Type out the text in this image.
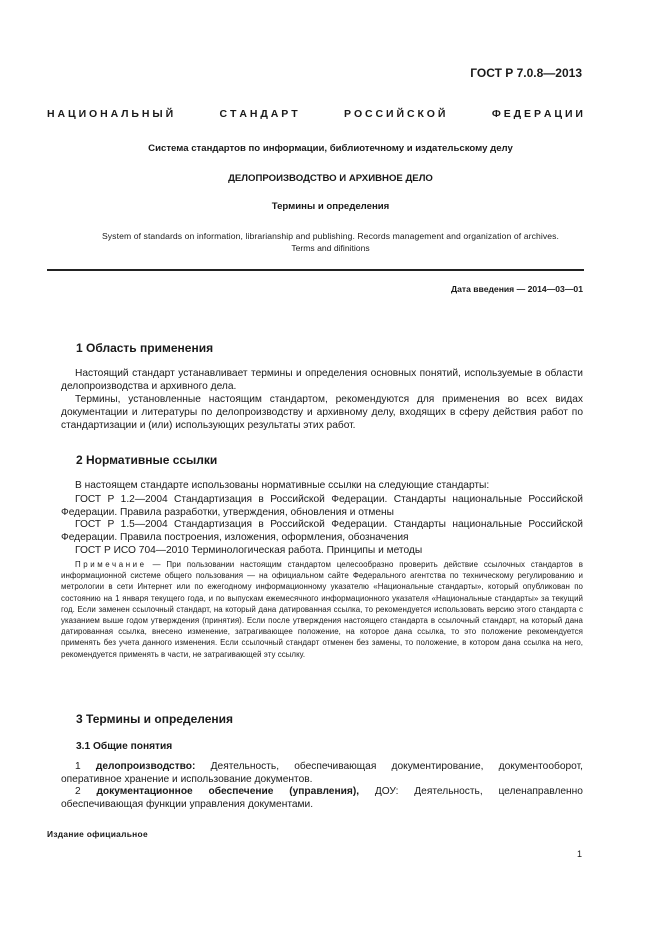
ГОСТ Р 7.0.8—2013
Н А Ц И О Н А Л Ь Н Ы Й	С Т А Н Д А Р Т	Р О С С И Й С К О Й	Ф Е Д Е Р А Ц И И
Система стандартов по информации, библиотечному и издательскому делу
ДЕЛОПРОИЗВОДСТВО И АРХИВНОЕ ДЕЛО
Термины и определения
System of standards on information, librarianship and publishing. Records management and organization of archives.
Terms and difinitions
Дата введения — 2014—03—01
1 Область применения
Настоящий стандарт устанавливает термины и определения основных понятий, используемые в области делопроизводства и архивного дела.
Термины, установленные настоящим стандартом, рекомендуются для применения во всех видах документации и литературы по делопроизводству и архивному делу, входящих в сферу действия работ по стандартизации и (или) использующих результаты этих работ.
2 Нормативные ссылки
В настоящем стандарте использованы нормативные ссылки на следующие стандарты:
ГОСТ Р 1.2—2004 Стандартизация в Российской Федерации. Стандарты национальные Российской Федерации. Правила разработки, утверждения, обновления и отмены
ГОСТ Р 1.5—2004 Стандартизация в Российской Федерации. Стандарты национальные Российской Федерации. Правила построения, изложения, оформления, обозначения
ГОСТ Р ИСО 704—2010 Терминологическая работа. Принципы и методы
Примечание — При пользовании настоящим стандартом целесообразно проверить действие ссылочных стандартов в информационной системе общего пользования — на официальном сайте Федерального агентства по техническому регулированию и метрологии в сети Интернет или по ежегодному информационному указателю «Национальные стандарты», который опубликован по состоянию на 1 января текущего года, и по выпускам ежемесячного информационного указателя «Национальные стандарты» за текущий год. Если заменен ссылочный стандарт, на который дана датированная ссылка, то рекомендуется использовать версию этого стандарта с указанием выше годом утверждения (принятия). Если после утверждения настоящего стандарта в ссылочный стандарт, на который дана датированная ссылка, внесено изменение, затрагивающее положение, на которое дана ссылка, то это положение рекомендуется применять без учета данного изменения. Если ссылочный стандарт отменен без замены, то положение, в котором дана ссылка на него, рекомендуется применять в части, не затрагивающей эту ссылку.
3 Термины и определения
3.1 Общие понятия
1 делопроизводство: Деятельность, обеспечивающая документирование, документооборот, оперативное хранение и использование документов.
2 документационное обеспечение (управления), ДОУ: Деятельность, целенаправленно обеспечивающая функции управления документами.
Издание официальное
1
